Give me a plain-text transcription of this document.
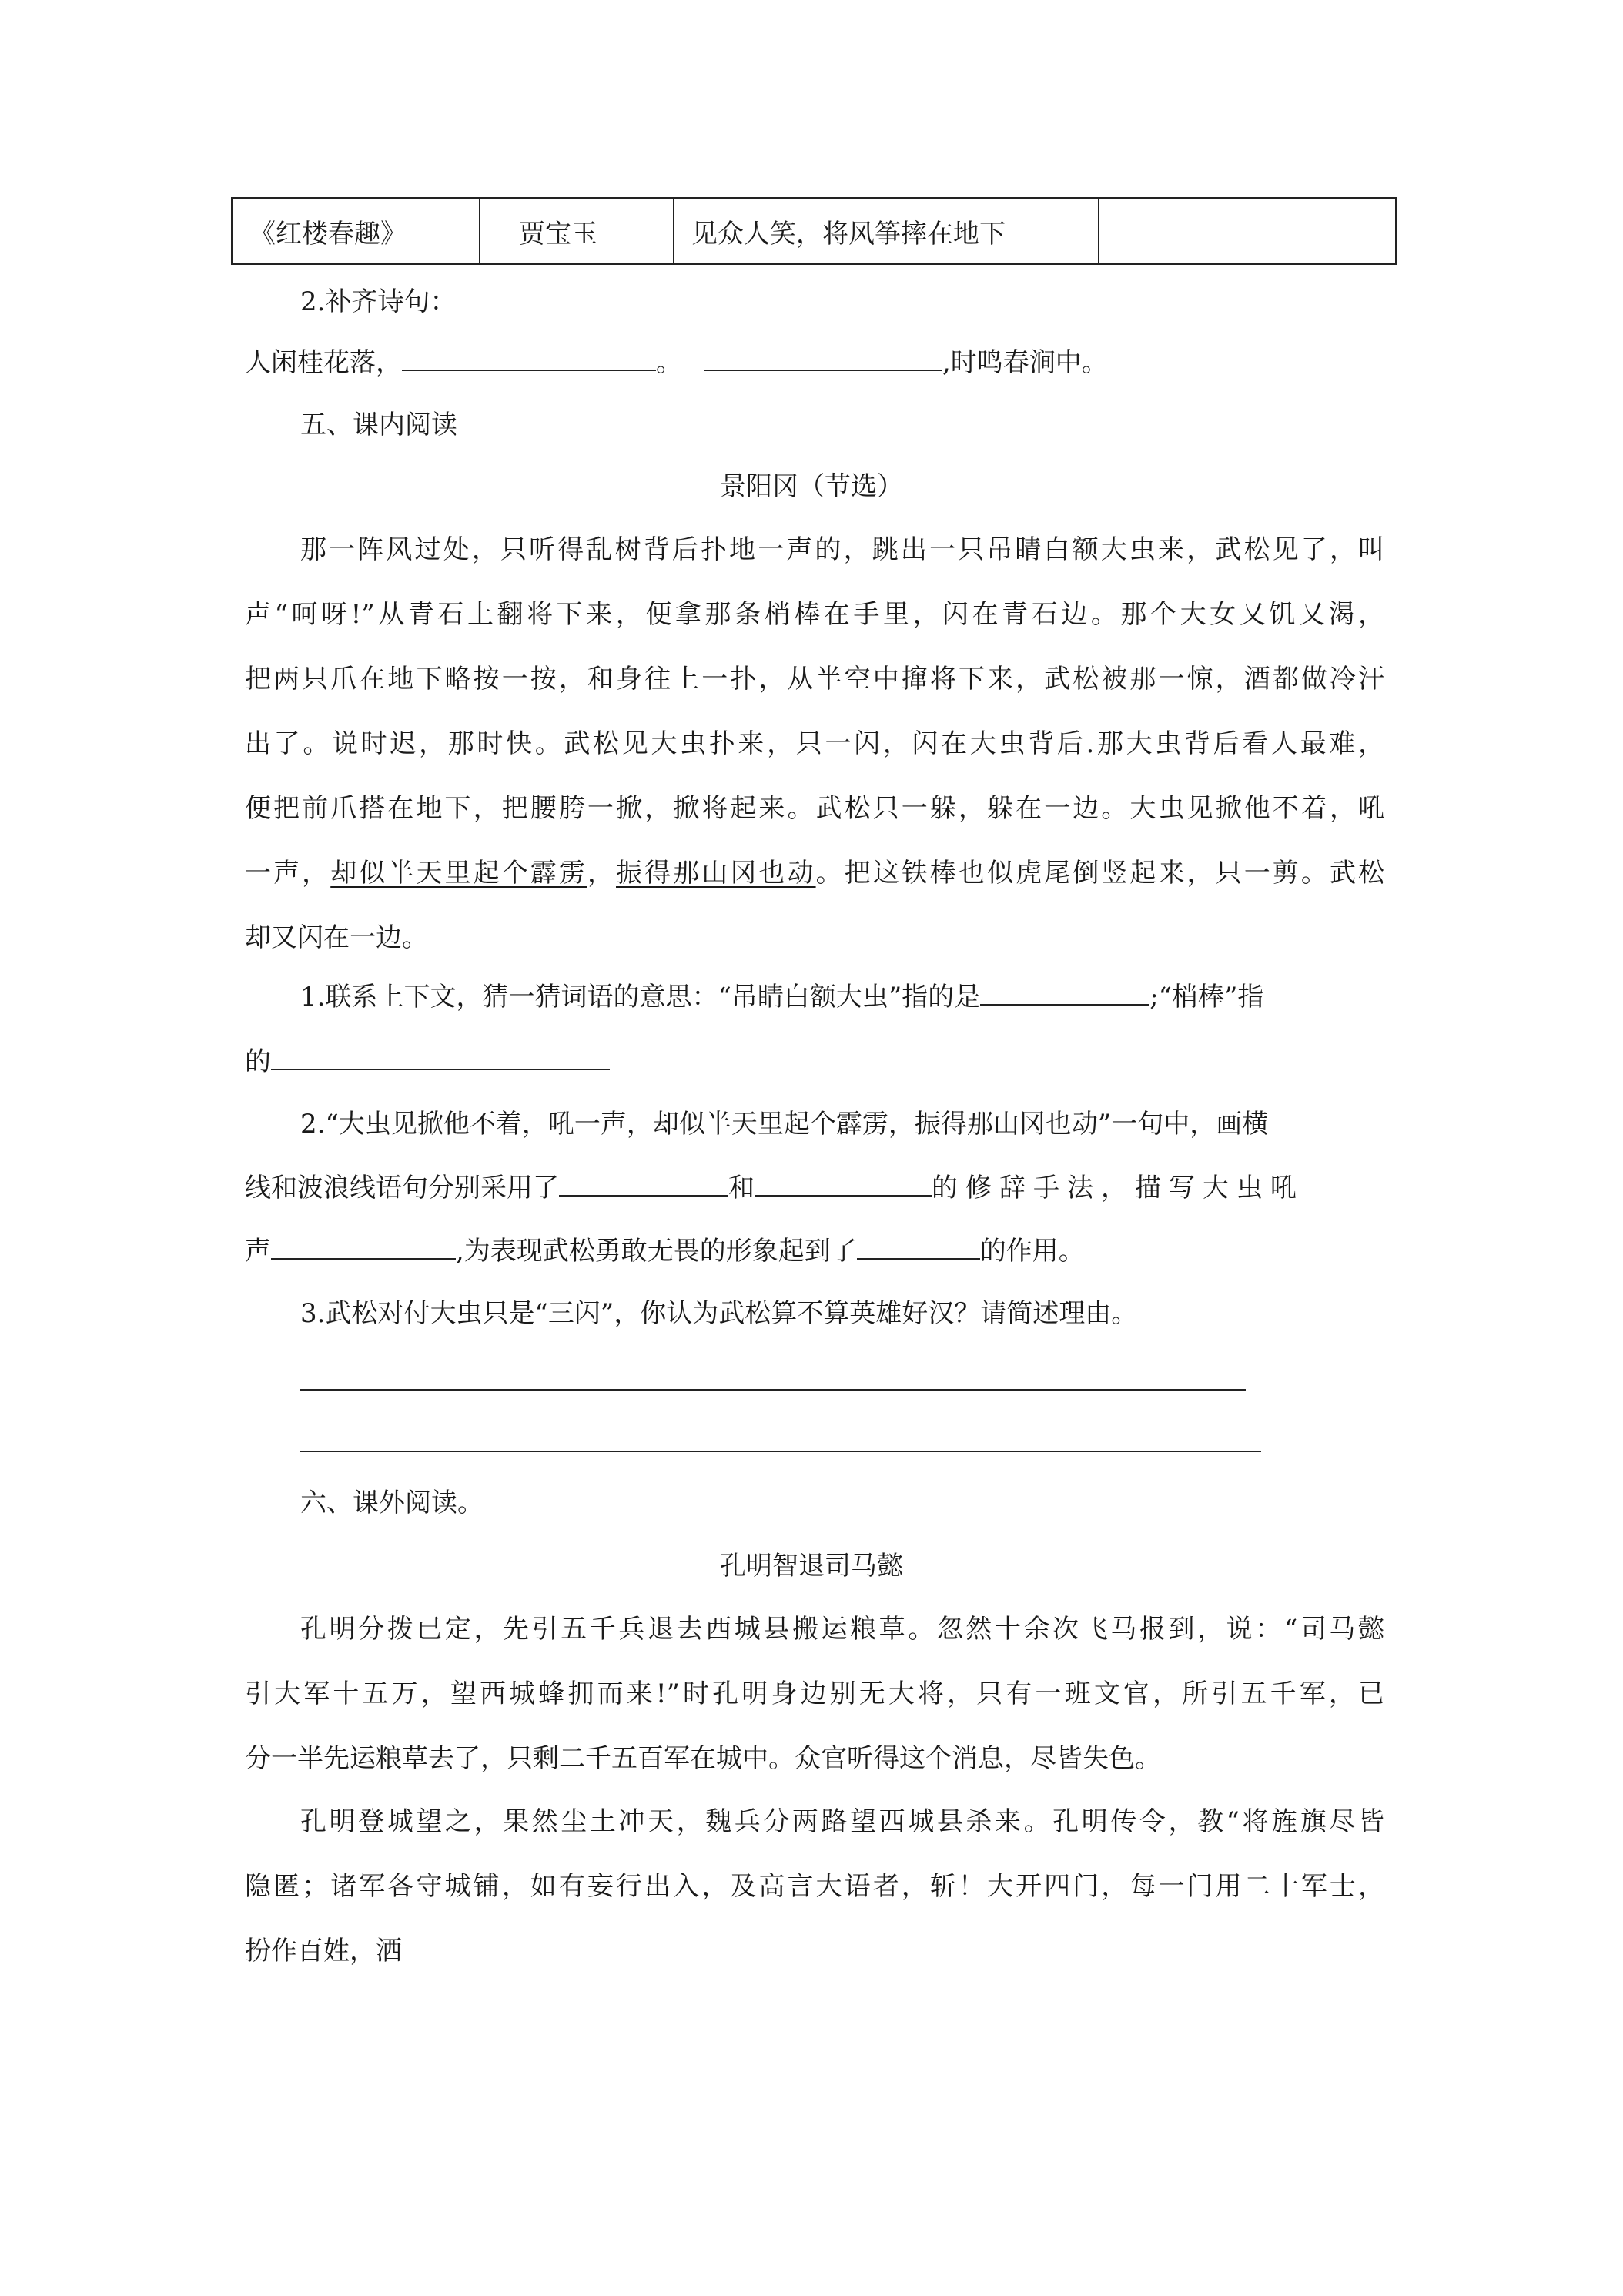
《红楼春趣》	贾宝玉	见众人笑，将风筝摔在地下	
2.补齐诗句：
人闲桂花落，	。	,时鸣春涧中。
五、课内阅读
景阳冈（节选）
那一阵风过处，只听得乱树背后扑地一声的，跳出一只吊睛白额大虫来，武松见了，叫
声“呵呀!”从青石上翻将下来，便拿那条梢棒在手里，闪在青石边。那个大女又饥又渴，
把两只爪在地下略按一按，和身往上一扑，从半空中撺将下来，武松被那一惊，酒都做冷汗
出了。说时迟，那时快。武松见大虫扑来，只一闪，闪在大虫背后.那大虫背后看人最难，
便把前爪搭在地下，把腰胯一掀，掀将起来。武松只一躲，躲在一边。大虫见掀他不着，吼
一声，却似半天里起个霹雳，振得那山冈也动。把这铁棒也似虎尾倒竖起来，只一剪。武松
却又闪在一边。
1.联系上下文，猜一猜词语的意思：“吊睛白额大虫”指的是	;“梢棒”指
的
2.“大虫见掀他不着，吼一声，却似半天里起个霹雳，振得那山冈也动”一句中，画横
线和波浪线语句分别采用了	和	的修辞手法，描写大虫吼
声	,为表现武松勇敢无畏的形象起到了	的作用。
3.武松对付大虫只是“三闪”，你认为武松算不算英雄好汉？请简述理由。
六、课外阅读。
孔明智退司马懿
孔明分拨已定，先引五千兵退去西城县搬运粮草。忽然十余次飞马报到，说：“司马懿
引大军十五万，望西城蜂拥而来!”时孔明身边别无大将，只有一班文官，所引五千军，已
分一半先运粮草去了，只剩二千五百军在城中。众官听得这个消息，尽皆失色。
孔明登城望之，果然尘土冲天，魏兵分两路望西城县杀来。孔明传令，教“将旌旗尽皆
隐匿；诸军各守城铺，如有妄行出入，及高言大语者，斩！大开四门，每一门用二十军士，
扮作百姓，洒
